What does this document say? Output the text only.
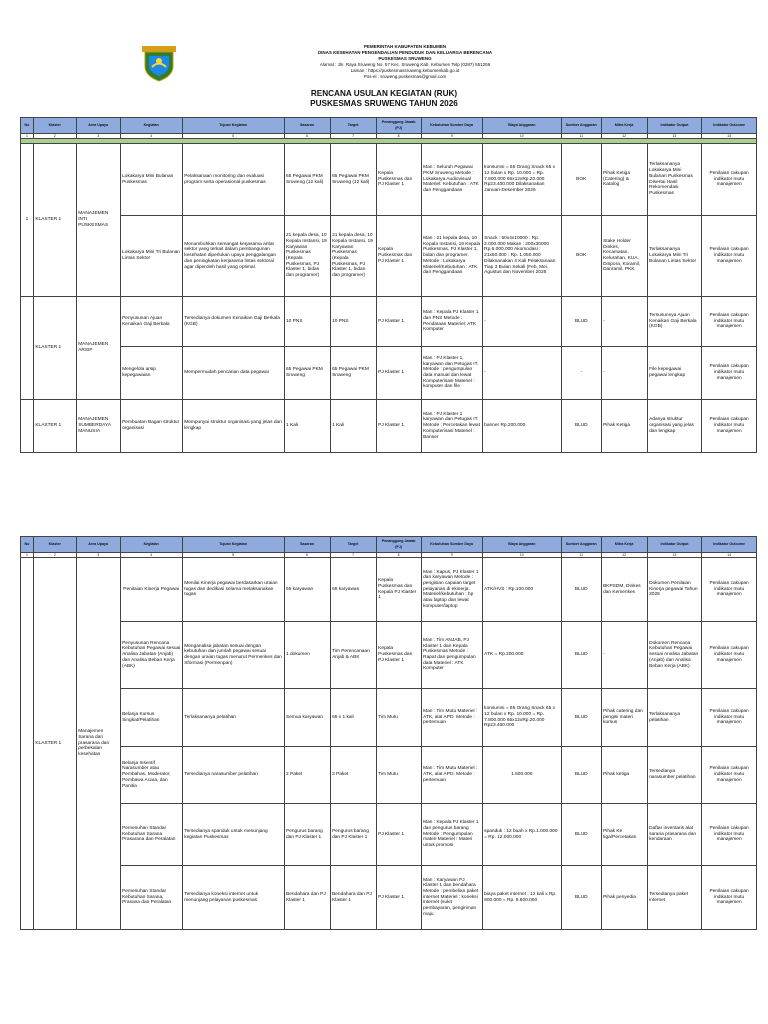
PEMERINTAH KABUPATEN KEBUMEN
DINAS KESEHATAN PENGENDALIAN PENDUDUK DAN KELUARGA BERENCANA
PUSKESMAS SRUWENG
Alamat : Jln. Raya Sruweng No. 57 Kec. Sruweng Kab. Kebumen Telp (0287) 551259
Laman : https://puskesmassruweng.kebumenkab.go.id
Pos-el : sruweng.puskesmas@gmail.com
RENCANA USULAN KEGIATAN (RUK)
PUSKESMAS SRUWENG TAHUN 2026
No	Klaster	Area Upaya	Kegiatan	Tujuan Kegiatan	Sasaran	Target	Penanggung Jawab (PJ)	Kebutuhan Sumber Daya	Biaya Anggaran	Sumber Anggaran	Mitra Kerja	Indikator Output	Indikator Outcome
1	2	3	4	5	6	7	8	9	10	11	12	13	14

1	KLASTER 1	MANAJEMEN INTI PUSKESMAS	Lokakarya Mini Bulanan Puskesmas	Pelaksanaan monitoring dan evaluasi program serta operasional puskesmas	65 Pegawai PKM Sruweng (12 kali)	65 Pegawai PKM Sruweng (12 kali)	Kepala Puskesmas dan PJ Klaster 1	Man : Seluruh Pegawai PKM Sruweng Metode : Lokakarya Audiovisual Materiel: Kebutuhan : ATK dan Penggandaan	konsumsi = 65 Orang Snack 65 x 12 bulan x Rp. 10.000 = Rp. 7.800.000 65x12xRp.20.000 Rp23.400.000 Dilaksanakan Januari-Desember 2026	BOK	Pihak Ketiga (Catering) & Katalog	Terlaksananya Lokakarya Mini Bulanan Puskesmas Disertai Hasil Rekomendasi Puskesmas	Penilaian cakupan indikator mutu manajemen
			Lokakarya Mini Tri Bulanan Lintas Sektor	Menumbuhkan semangat kerjasama antar sektor yang terkait dalam pembangunan kesehatan diperlukan upaya penggalangan dan peningkatan kerjasama lintas sektoral agar diperoleh hasil yang optimal.	21 kepala desa, 10 Kepala Instansi, 19 Karyawan Puskesmas (Kepala Puskesmas, PJ Klaster 1, bidan dan programer)	21 kepala desa, 10 Kepala Instansi, 19 Karyawan Puskesmas (Kepala Puskesmas, PJ Klaster 1, bidan dan programer)	Kepala Puskesmas dan PJ Klaster 1	Man : 21 kepala desa, 10 Kepala Instansi, 19 Kepala Puskesmas, PJ Klaster 1, bidan dan programer. Metode : Lokakarya Materiel/Kebutuhan : ATK dan Penggandaan	Snack : 50x4x10000 : Rp. 2.000.000 Makan : 200x30000 Rp.6.000.000 Akomodasi : 21x50.000 : Rp. 1.050.000 Dilaksanakan 4 Kali Pelaksanaan Tiap 3 Bulan Sekali (Feb, Mei, Agustus dan November 2026	BOK	Stake Holder Dinkes, Kecamatan, Kelurahan, KUA, Dinpora, Koramil, Danramil, PKK	Terlaksananya Lokakarya Mini Tri Bulanan Lintas Sektor	Penilaian cakupan indikator mutu manajemen
	KLASTER 1	MANAJEMEN ARSIP	Penyusunan Ajuan Kenaikan Gaji Berkala	Tersedianya dokumen Kenaikan Gaji Berkala (KGB)	10 PNS	10 PNS	PJ Klaster 1	Man : Kepala PJ Klaster 1 dan PNS Metode : Pendataan Materiel: ATK Komputer	-	BLUD	-	Tersusunnya Ajuan Kenaikan Gaji Berkala (KGB)	Penilaian cakupan indikator mutu manajemen
			Mengelola arsip kepegawaian	Mempermudah pencarian data pegawai	65 Pegawai PKM Sruweng	65 Pegawai PKM Sruweng	PJ Klaster 1	Man : PJ Klaster 1, karyawan dan Petugas IT. Metode : pengumpulan data manual dan lewat Komputerisasi Materiel : komputer dan file	-	-	-	File kepegawai pegawai lengkap	Penilaian cakupan indikator mutu manajemen
	KLASTER 1	MANAJEMEN SUMBERDAYA MANUSIA	Pembuatan Bagan struktur organisasi	Mempunyai struktur organisasi yang jelas dan lengkap	1 Kali	1 Kali	PJ Klaster 1	Man : PJ Klaster 1 karyawan dan Petugas IT. Metode : Percetakan lewat Komputerisasi Materiel : Banner	banner Rp.200.000	BLUD	Pihak Ketiga	Adanya struktur organisasi yang jelas dan lengkap	Penilaian cakupan indikator mutu manajemen
No	Klaster	Area Upaya	Kegiatan	Tujuan Kegiatan	Sasaran	Target	Penanggung Jawab (PJ)	Kebutuhan Sumber Daya	Biaya Anggaran	Sumber Anggaran	Mitra Kerja	Indikator Output	Indikator Outcome
1	2	3	4	5	6	7	8	9	10	11	12	13	14
	KLASTER 1	Manajemen Sarana dan prasarana dan perbekalan kesehatan	Penilaian Kinerja Pegawai	Menilai Kinerja pegawai berdasarkan uraian tugas dan dedikasi selama melaksanakan tugas	65 karyawan	65 karyawan	Kepala Puskesmas dan Kepala PJ Klaster 1	Man : Kapus, PJ Klaster 1 dan karyawan Metode : pengisian capaian target pelayanan di ekinerja. Materiel/kebutuhan : hp atau laptop dan lewat komputer/laptop	ATK/HVS : Rp.100.000	BLUD	BKPSDM, Dinkes dan Kemenkes	Dokumen Penilaian Kinerja pegawai Tahun 2026	Penilaian cakupan indikator mutu manajemen
			Penyusunan Rencana Kebutuhan Pegawai sesuai Analisa Jabatan (Anjab) dan Analisa Beban Kerja (ABK)	Menganalisa jabatan sesuai dengan kebutuhan dan jumlah pegawai sesuai dengan uraian tugas menurut Permenkes dan Sformasi (Permenpan)	1 dokumen	Tim Perencanaan Anjab & ABK	Kepala Puskesmas dan PJ Klaster 1	Man : Tim ANJAB, PJ Klaster 1 dan Kepala Puskesmas Metode : Rapat dan pengumpulan data Materiel : ATK Komputer	ATK = Rp.200.000	BLUD	-	Dokumen Rencana Kebutuhan Pegawai sesuai Analisa Jabatan (Anjab) dan Analisa Beban Kerja (ABK)	Penilaian cakupan indikator mutu manajemen
			Belanja Kursus Singkat/Pelatihan	Terlaksananya pelatihan	Semua karyawan	65 x 1 kali	Tim Mutu	Man : Tim Mutu Materiel : ATK, alat APD. Metode : pertemuan	konsumsi = 65 Orang Snack 65 x 12 bulan x Rp. 10.000 = Rp. 7.800.000 65x12xRp.20.000 Rp23.400.000	BLUD	Pihak catering dan pengisi materi kursus	Terlaksananya pelatihan	Penilaian cakupan indikator mutu manajemen
			Belanja Insentif Narasumber atau Pembahas, Moderator, Pembawa Acara, dan Panitia	Tersedianya narasumber pelatihan	2 Paket	2 Paket	Tim Mutu	Man : Tim Mutu Materiel : ATK, alat APD. Metode : pertemuan	1.500.000	BLUD	Pihak ketiga	Tersedianya narasumber pelatihan	Penilaian cakupan indikator mutu manajemen
			Pemenuhan Standar Kebutuhan Sarana Prasarana dan Peralatan	Tersedianya spanduk untuk menunjang kegiatan Puskesmas	Pengurus barang dan PJ Klaster 1	Pengurus barang dan PJ Klaster 1	PJ Klaster 1	Man : Kepala PJ Klaster 1 dan pengurus barang Metode : Pengumpulan materi Materiel : Materi untuk promosi	spanduk : 12 buah x Rp.1.000.000 = Rp. 12.000.000	BLUD	Pihak Ke tiga/Percetakan	Daftar inventaris alat sarana prasarana dan kendaraan	Penilaian cakupan indikator mutu manajemen
			Pemenuhan Standar Kebutuhan Sarana, Prasana dan Peralatan	Tersedianya koneksi internet untuk menunjang pelayanan puskesmas	Bendahara dan PJ Klaster 1	Bendahara dan PJ Klaster 1	PJ Klaster 1	Man : Karyawan PJ Klaster 1 dan bendahara Metode : pembelian paket internet Materiel : koneksi internet (sukit pembayaran, pengiriman maju	biaya paket internet : 12 kali x Rp. 800.000 = Rp. 9.600.000	BLUD	Pihak penyedia	Tersedianya paket internet	Penilaian cakupan indikator mutu manajemen
